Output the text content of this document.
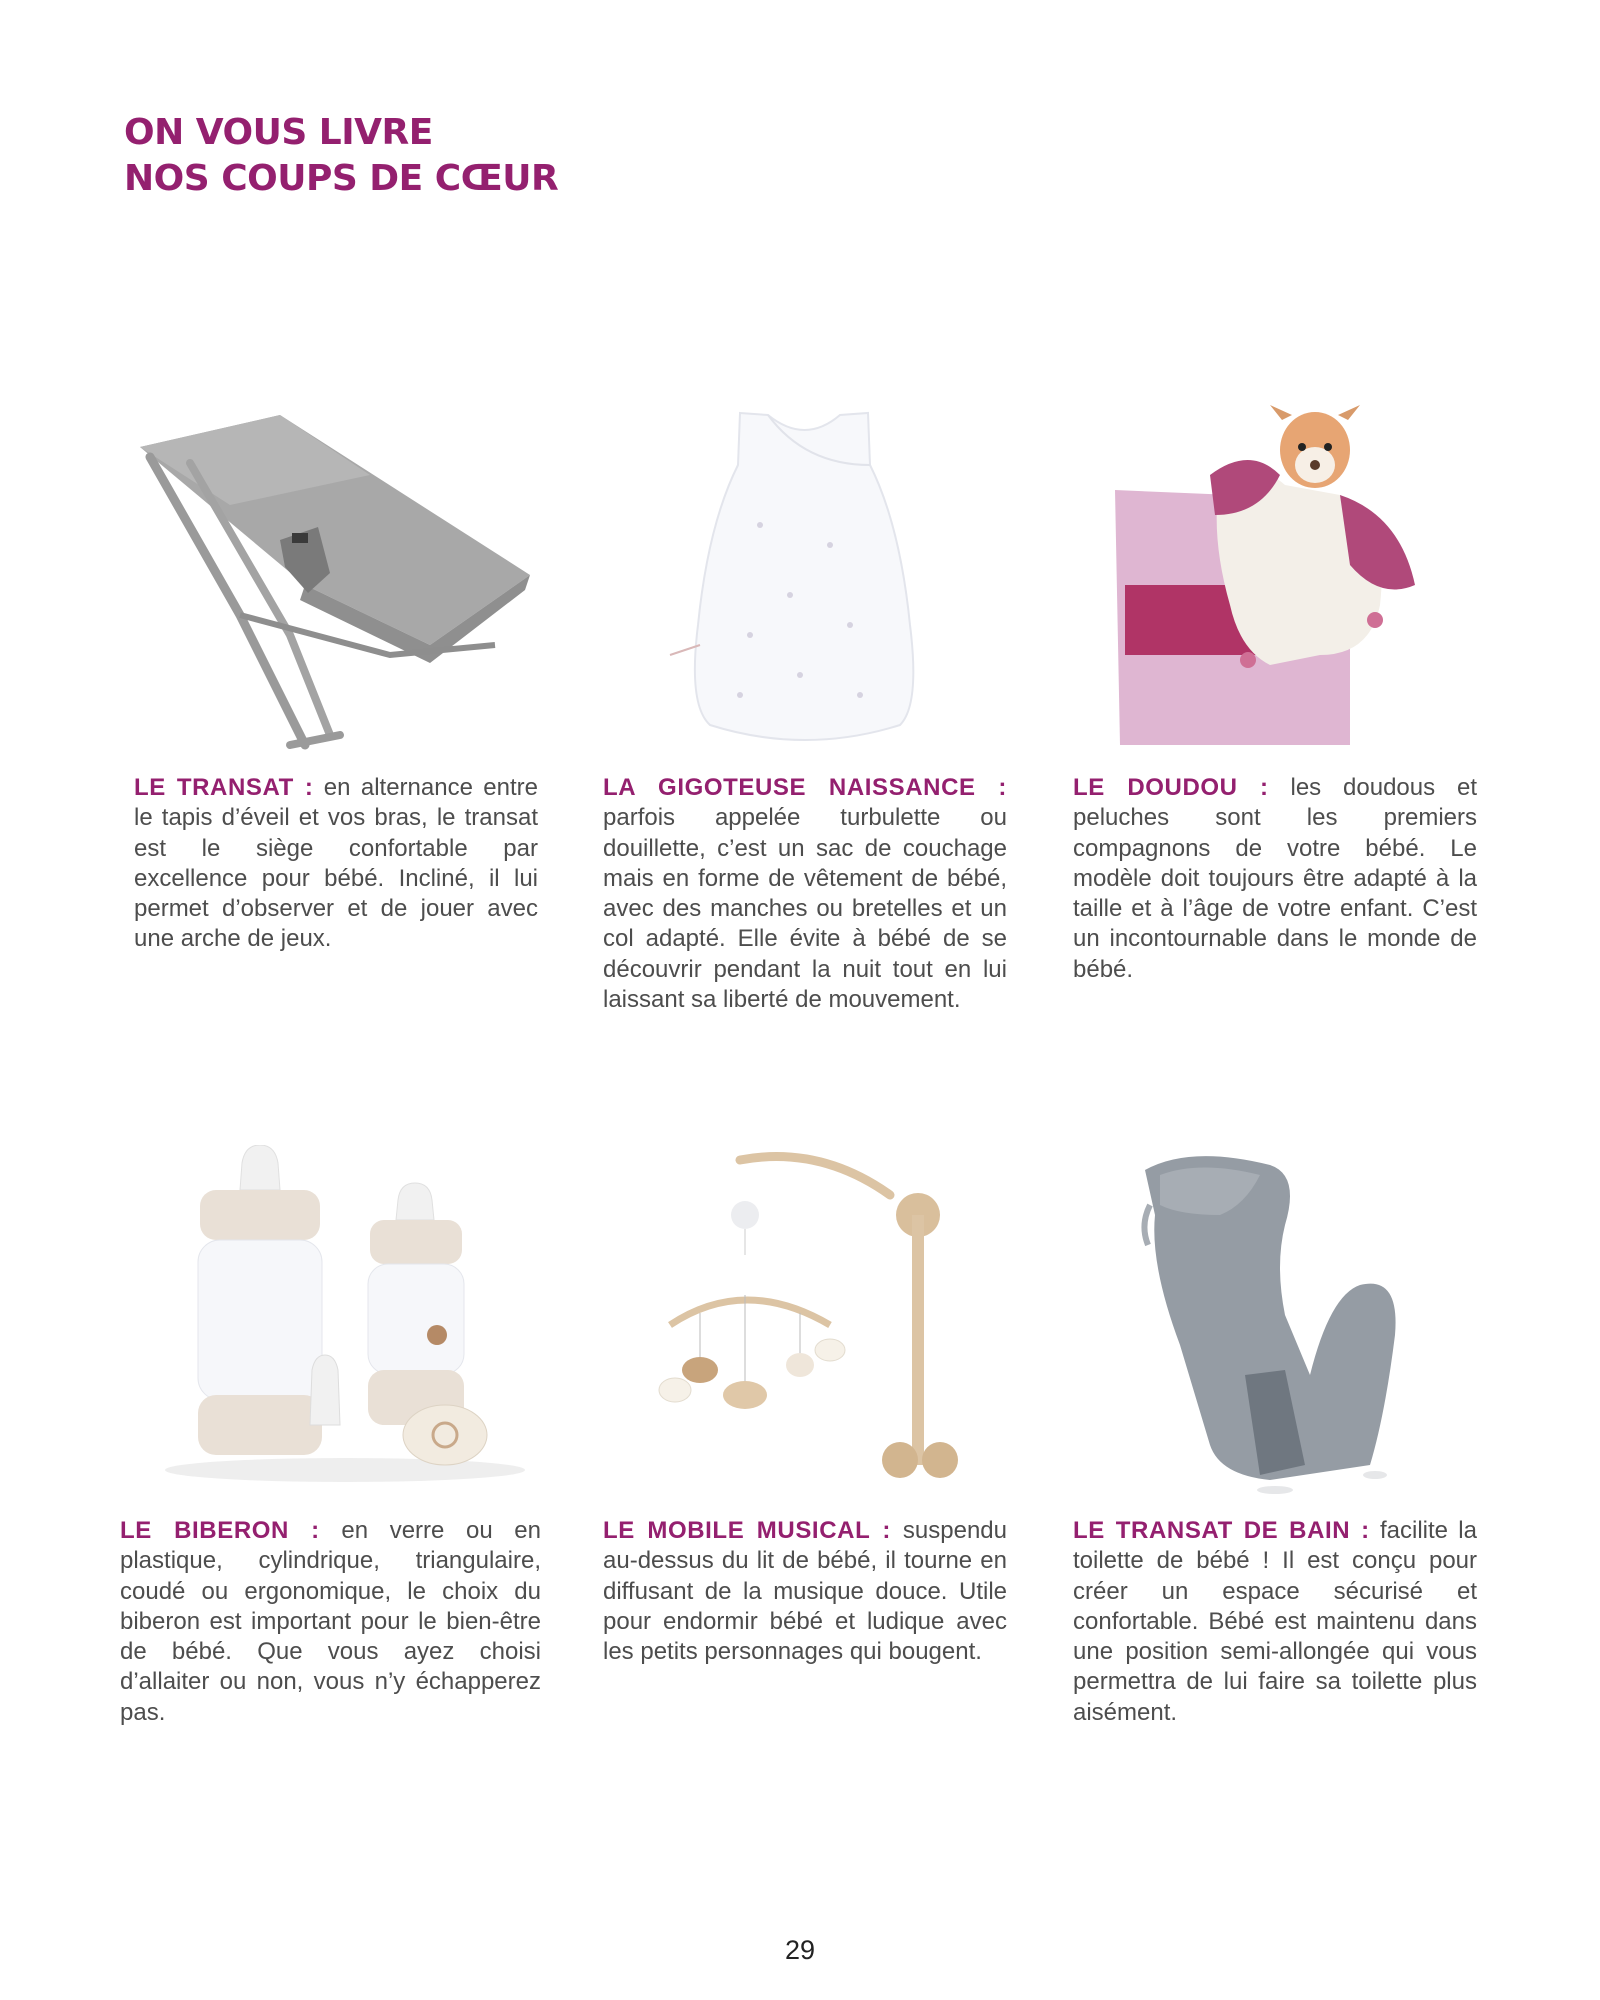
ON VOUS LIVRE
NOS COUPS DE CŒUR

LE TRANSAT : en alternance entre le tapis d’éveil et vos bras, le transat est le siège confortable par excellence pour bébé. Incliné, il lui permet d’observer et de jouer avec une arche de jeux.

LA GIGOTEUSE NAISSANCE : parfois appelée turbulette ou douillette, c’est un sac de couchage mais en forme de vêtement de bébé, avec des manches ou bretelles et un col adapté. Elle évite à bébé de se découvrir pendant la nuit tout en lui laissant sa liberté de mouvement.

LE DOUDOU : les doudous et peluches sont les premiers compagnons de votre bébé. Le modèle doit toujours être adapté à la taille et à l’âge de votre enfant. C’est un incontournable dans le monde de bébé.

LE BIBERON : en verre ou en plastique, cylindrique, triangulaire, coudé ou ergonomique, le choix du biberon est important pour le bien-être de bébé. Que vous ayez choisi d’allaiter ou non, vous n’y échapperez pas.

LE MOBILE MUSICAL : suspendu au-dessus du lit de bébé, il tourne en diffusant de la musique douce. Utile pour endormir bébé et ludique avec les petits personnages qui bougent.

LE TRANSAT DE BAIN : facilite la toilette de bébé ! Il est conçu pour créer un espace sécurisé et confortable. Bébé est maintenu dans une position semi-allongée qui vous permettra de lui faire sa toilette plus aisément.

29
